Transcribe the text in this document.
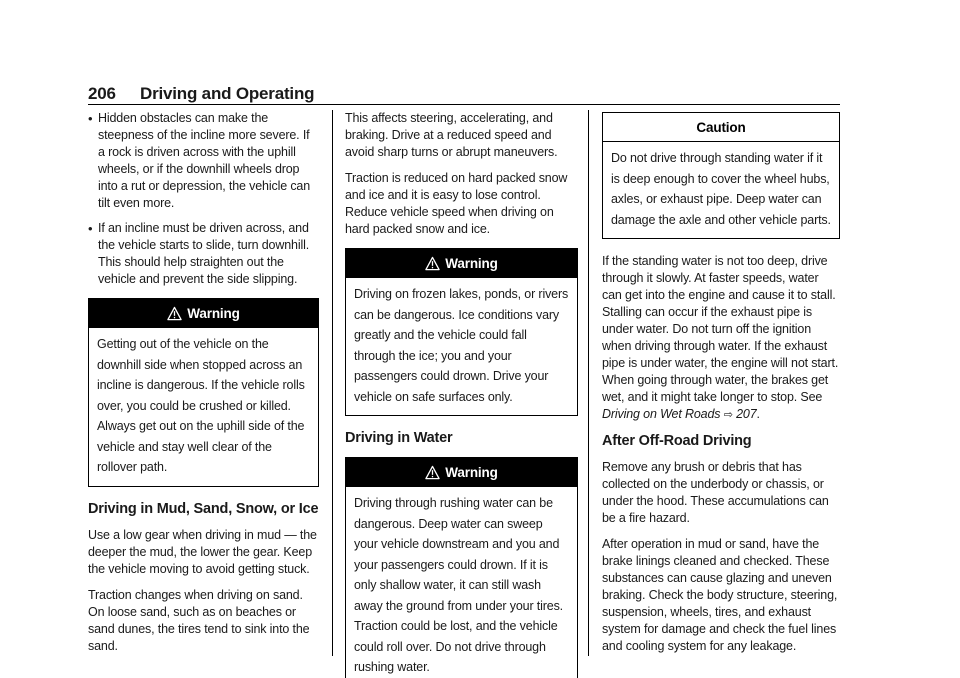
206 Driving and Operating
• Hidden obstacles can make the steepness of the incline more severe. If a rock is driven across with the uphill wheels, or if the downhill wheels drop into a rut or depression, the vehicle can tilt even more.
• If an incline must be driven across, and the vehicle starts to slide, turn downhill. This should help straighten out the vehicle and prevent the side slipping.
Warning
Getting out of the vehicle on the downhill side when stopped across an incline is dangerous. If the vehicle rolls over, you could be crushed or killed. Always get out on the uphill side of the vehicle and stay well clear of the rollover path.
Driving in Mud, Sand, Snow, or Ice

Use a low gear when driving in mud — the deeper the mud, the lower the gear. Keep the vehicle moving to avoid getting stuck.

Traction changes when driving on sand. On loose sand, such as on beaches or sand dunes, the tires tend to sink into the sand.

This affects steering, accelerating, and braking. Drive at a reduced speed and avoid sharp turns or abrupt maneuvers.

Traction is reduced on hard packed snow and ice and it is easy to lose control. Reduce vehicle speed when driving on hard packed snow and ice.

Warning
Driving on frozen lakes, ponds, or rivers can be dangerous. Ice conditions vary greatly and the vehicle could fall through the ice; you and your passengers could drown. Drive your vehicle on safe surfaces only.
Driving in Water
Warning
Driving through rushing water can be dangerous. Deep water can sweep your vehicle downstream and you and your passengers could drown. If it is only shallow water, it can still wash away the ground from under your tires. Traction could be lost, and the vehicle could roll over. Do not drive through rushing water.
Caution
Do not drive through standing water if it is deep enough to cover the wheel hubs, axles, or exhaust pipe. Deep water can damage the axle and other vehicle parts.

If the standing water is not too deep, drive through it slowly. At faster speeds, water can get into the engine and cause it to stall. Stalling can occur if the exhaust pipe is under water. Do not turn off the ignition when driving through water. If the exhaust pipe is under water, the engine will not start. When going through water, the brakes get wet, and it might take longer to stop. See Driving on Wet Roads ⇨ 207.

After Off-Road Driving

Remove any brush or debris that has collected on the underbody or chassis, or under the hood. These accumulations can be a fire hazard.

After operation in mud or sand, have the brake linings cleaned and checked. These substances can cause glazing and uneven braking. Check the body structure, steering, suspension, wheels, tires, and exhaust system for damage and check the fuel lines and cooling system for any leakage.
